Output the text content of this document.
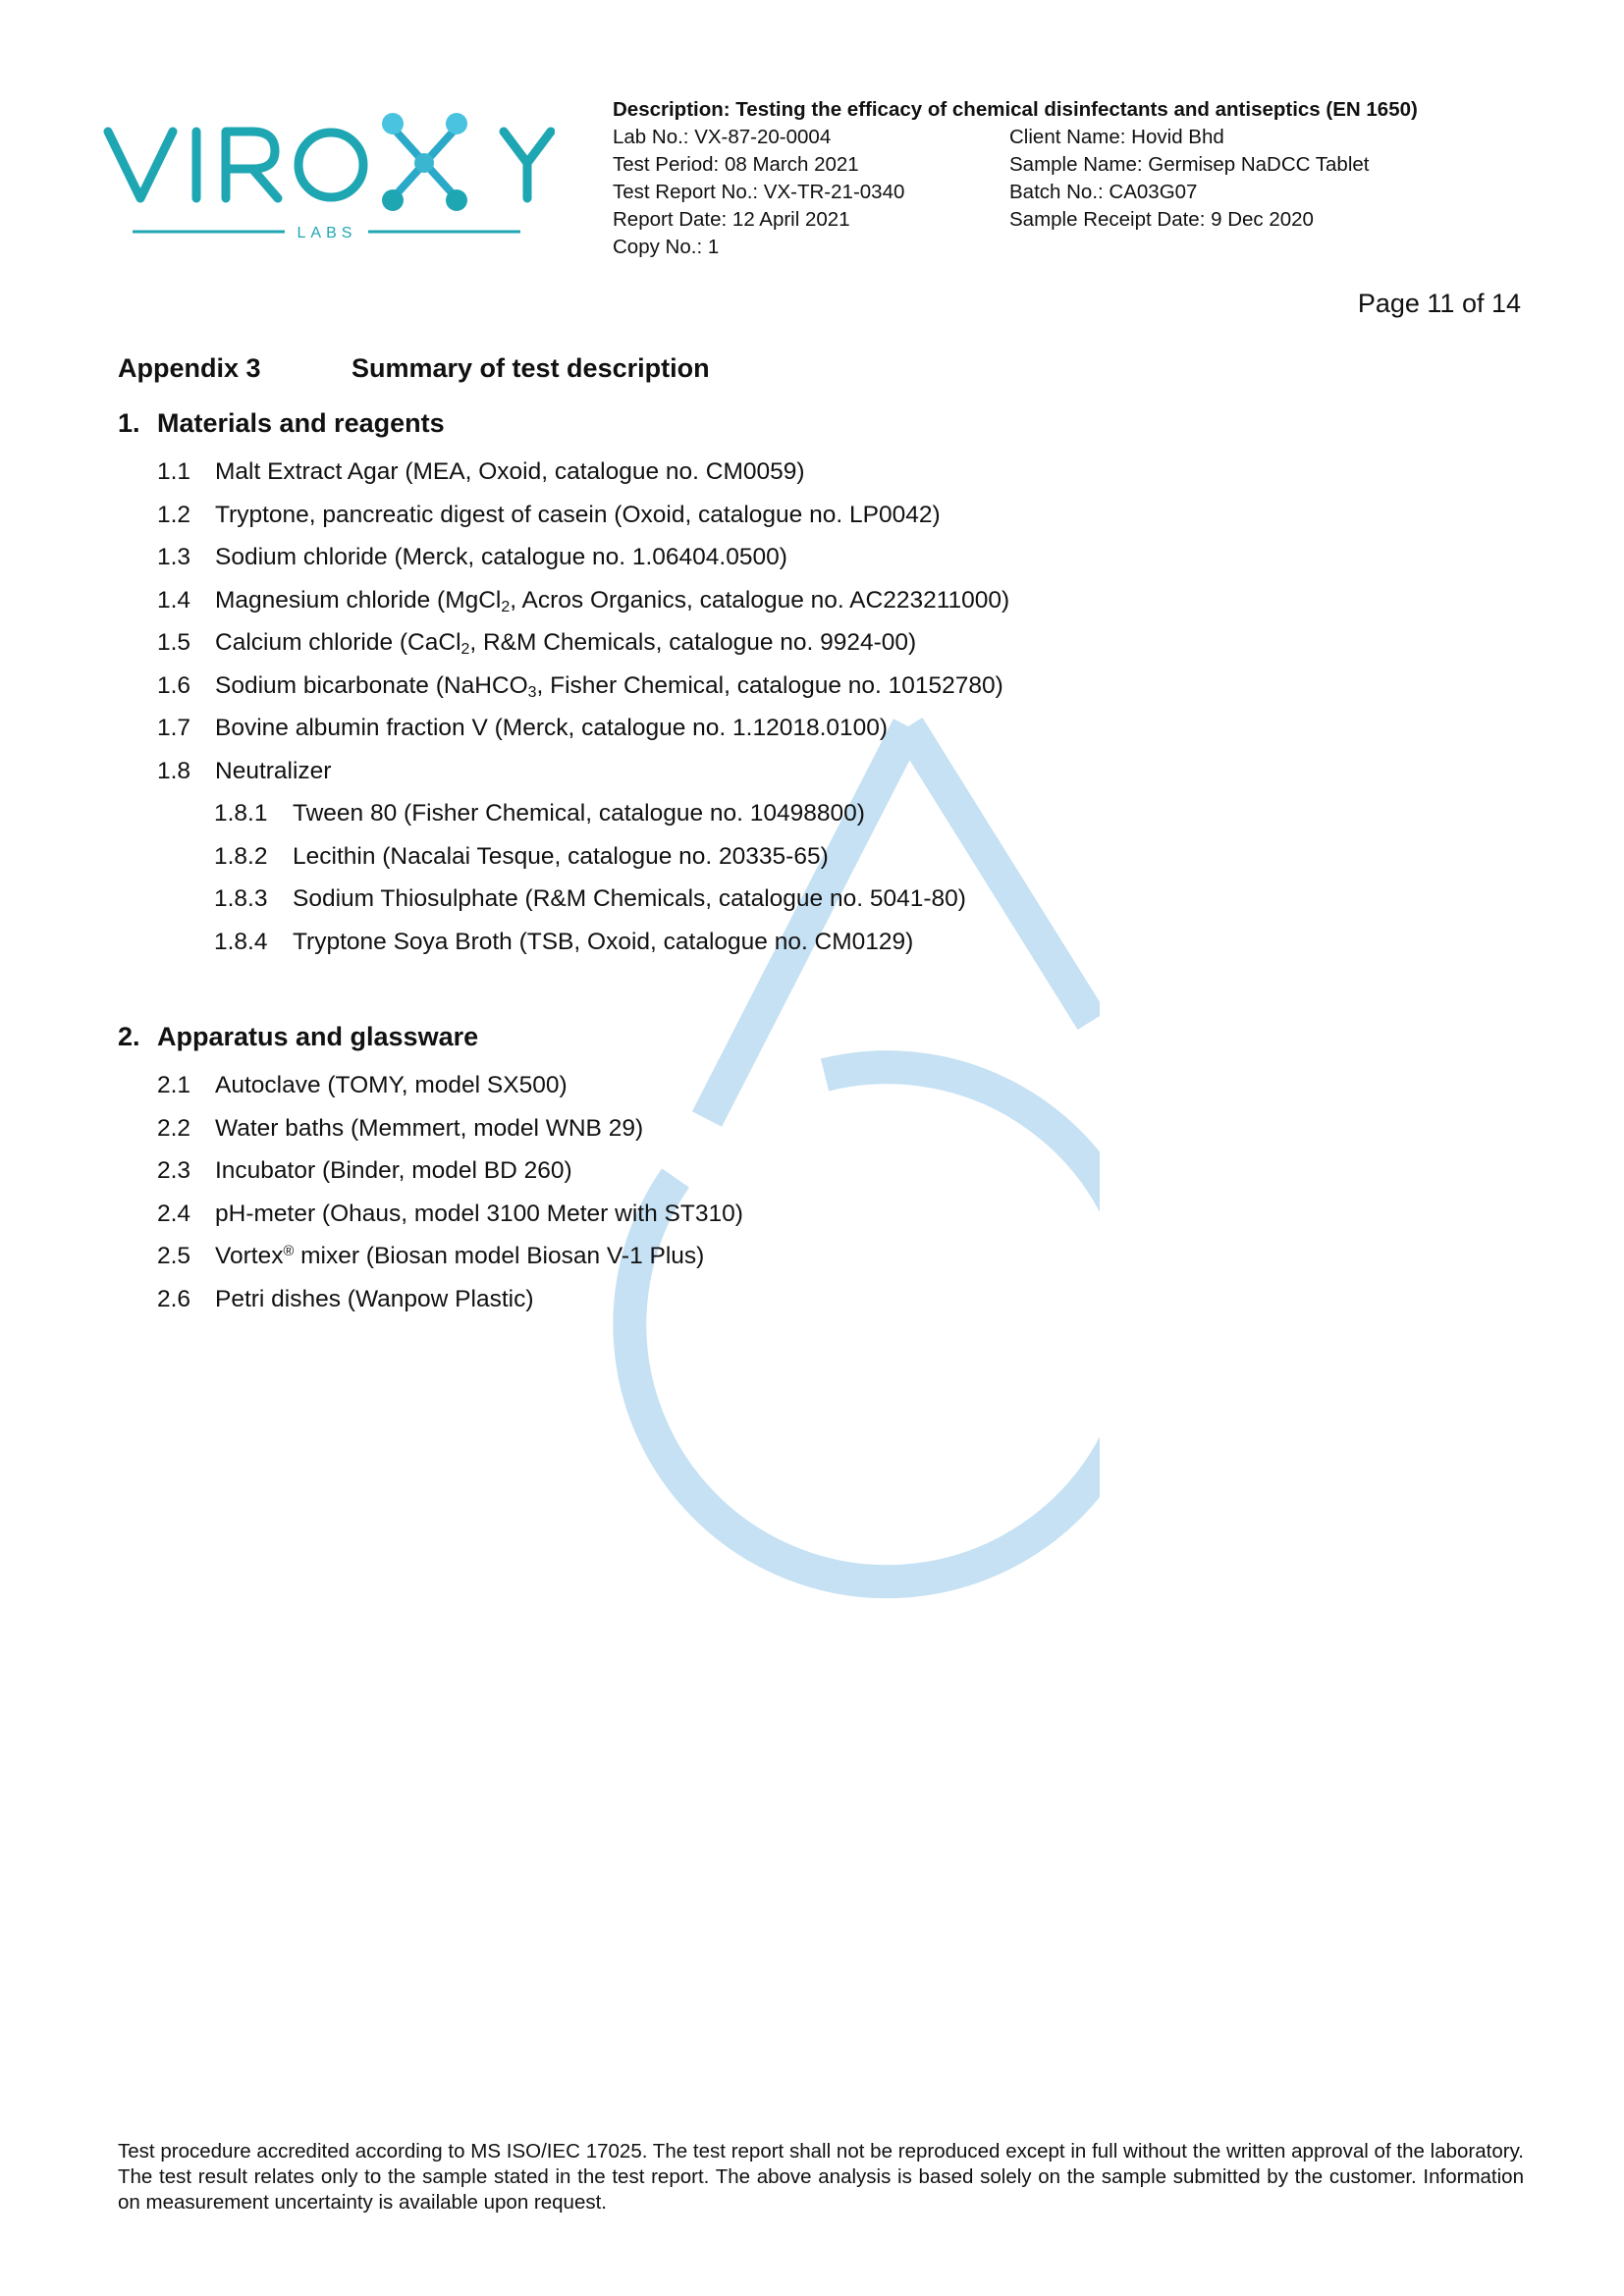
LABS
Description: Testing the efficacy of chemical disinfectants and antiseptics (EN 1650)
Lab No.: VX-87-20-0004	Client Name: Hovid Bhd
Test Period: 08 March 2021	Sample Name: Germisep NaDCC Tablet
Test Report No.: VX-TR-21-0340	Batch No.: CA03G07
Report Date: 12 April 2021	Sample Receipt Date: 9 Dec 2020
Copy No.: 1
Page 11 of 14
Appendix 3	Summary of test description
1. Materials and reagents
1.1	Malt Extract Agar (MEA, Oxoid, catalogue no. CM0059)
1.2	Tryptone, pancreatic digest of casein (Oxoid, catalogue no. LP0042)
1.3	Sodium chloride (Merck, catalogue no. 1.06404.0500)
1.4	Magnesium chloride (MgCl$_2$, Acros Organics, catalogue no. AC223211000)
1.5	Calcium chloride (CaCl$_2$, R&M Chemicals, catalogue no. 9924-00)
1.6	Sodium bicarbonate (NaHCO$_3$, Fisher Chemical, catalogue no. 10152780)
1.7	Bovine albumin fraction V (Merck, catalogue no. 1.12018.0100)
1.8	Neutralizer
1.8.1	Tween 80 (Fisher Chemical, catalogue no. 10498800)
1.8.2	Lecithin (Nacalai Tesque, catalogue no. 20335-65)
1.8.3	Sodium Thiosulphate (R&M Chemicals, catalogue no. 5041-80)
1.8.4	Tryptone Soya Broth (TSB, Oxoid, catalogue no. CM0129)
2. Apparatus and glassware
2.1	Autoclave (TOMY, model SX500)
2.2	Water baths (Memmert, model WNB 29)
2.3	Incubator (Binder, model BD 260)
2.4	pH-meter (Ohaus, model 3100 Meter with ST310)
2.5	Vortex® mixer (Biosan model Biosan V-1 Plus)
2.6	Petri dishes (Wanpow Plastic)
Test procedure accredited according to MS ISO/IEC 17025. The test report shall not be reproduced except in full without the written approval of the laboratory. The test result relates only to the sample stated in the test report. The above analysis is based solely on the sample submitted by the customer. Information on measurement uncertainty is available upon request.
